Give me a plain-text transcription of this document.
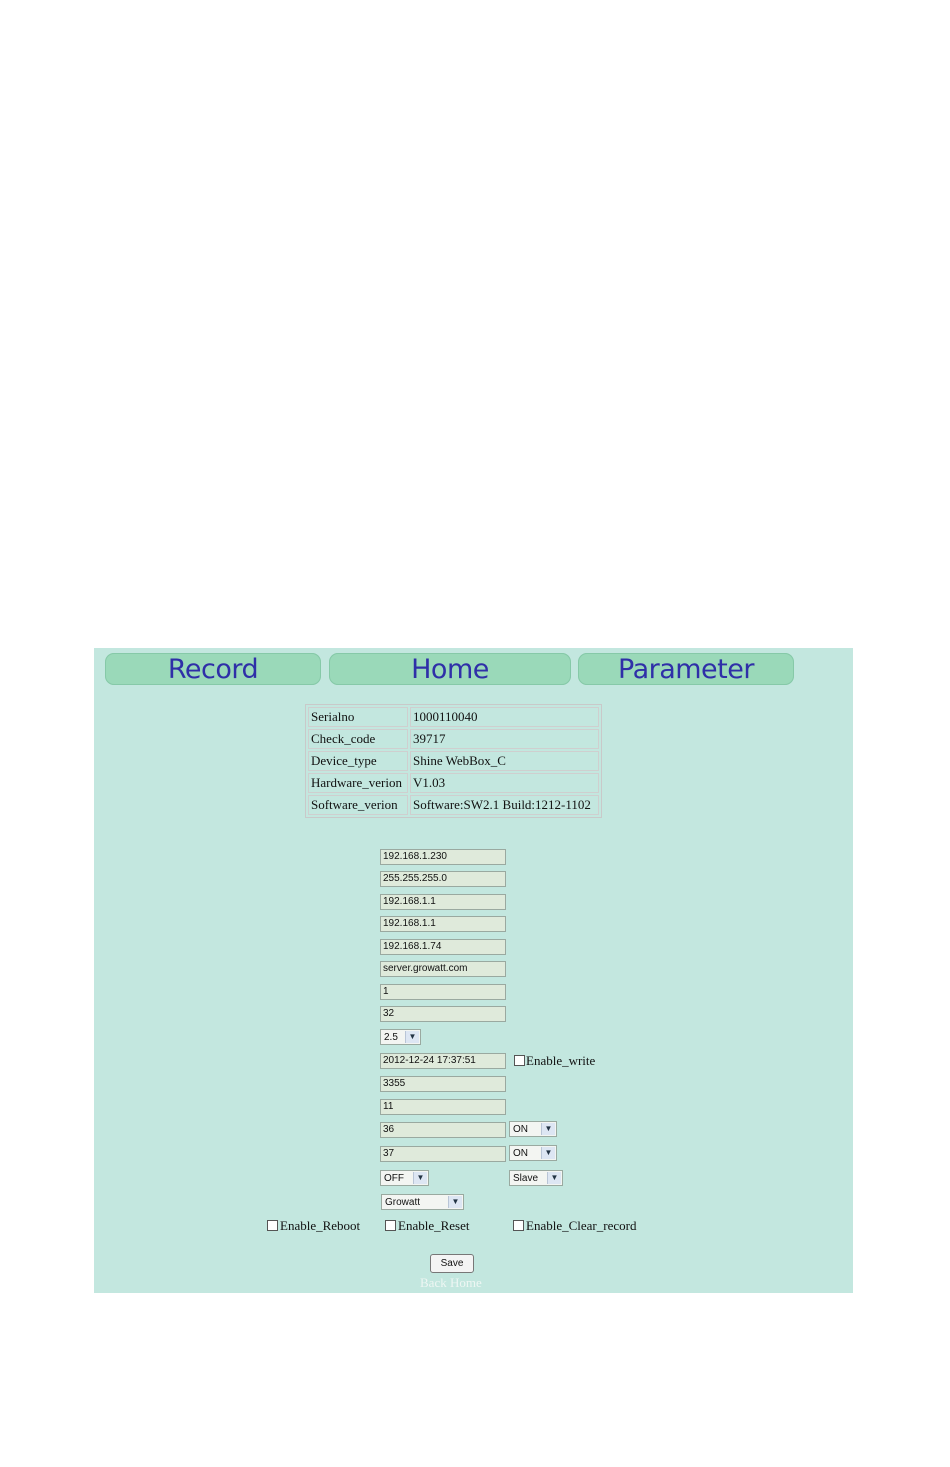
Record	Home	Parameter
Serialno	1000110040
Check_code	39717
Device_type	Shine WebBox_C
Hardware_verion	V1.03
Software_verion	Software:SW2.1 Build:1212-1102
192.168.1.230
255.255.255.0
192.168.1.1
192.168.1.1
192.168.1.74
server.growatt.com
1
32
2.5	▼
2012-12-24 17:37:51	Enable_write
3355
11
36	ON	▼
37	ON	▼
OFF	▼	Slave	▼
Growatt	▼
Enable_Reboot	Enable_Reset	Enable_Clear_record
Save
Back Home
